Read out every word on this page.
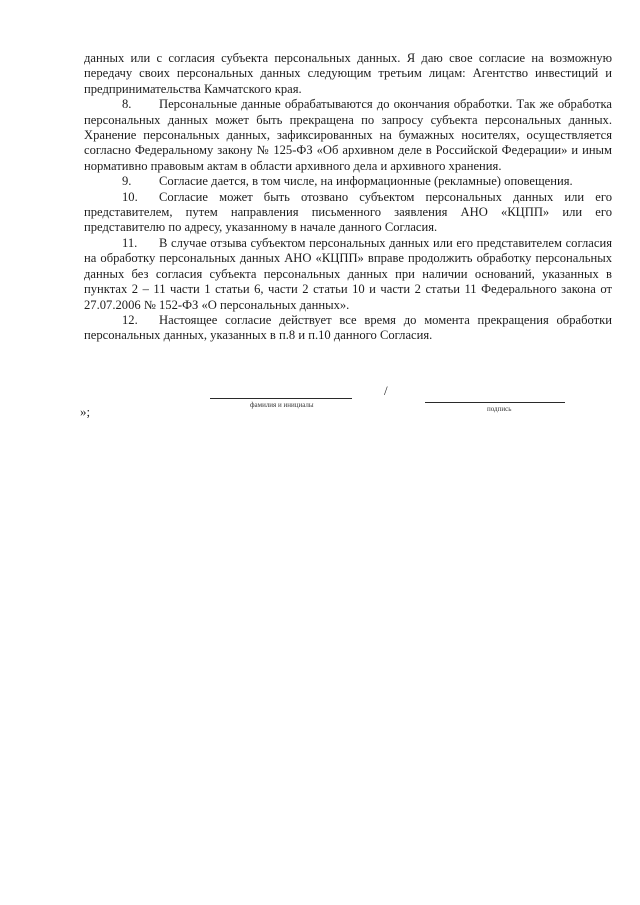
данных или с согласия субъекта персональных данных. Я даю свое согласие на возможную передачу своих персональных данных следующим третьим лицам: Агентство инвестиций и предпринимательства Камчатского края.

8. Персональные данные обрабатываются до окончания обработки. Так же обработка персональных данных может быть прекращена по запросу субъекта персональных данных. Хранение персональных данных, зафиксированных на бумажных носителях, осуществляется согласно Федеральному закону № 125-ФЗ «Об архивном деле в Российской Федерации» и иным нормативно правовым актам в области архивного дела и архивного хранения.

9. Согласие дается, в том числе, на информационные (рекламные) оповещения.

10. Согласие может быть отозвано субъектом персональных данных или его представителем, путем направления письменного заявления АНО «КЦПП» или его представителю по адресу, указанному в начале данного Согласия.

11. В случае отзыва субъектом персональных данных или его представителем согласия на обработку персональных данных АНО «КЦПП» вправе продолжить обработку персональных данных без согласия субъекта персональных данных при наличии оснований, указанных в пунктах 2 – 11 части 1 статьи 6, части 2 статьи 10 и части 2 статьи 11 Федерального закона от 27.07.2006 № 152-ФЗ «О персональных данных».

12. Настоящее согласие действует все время до момента прекращения обработки персональных данных, указанных в п.8 и п.10 данного Согласия.

фамилия и инициалы
/
подпись
»;
